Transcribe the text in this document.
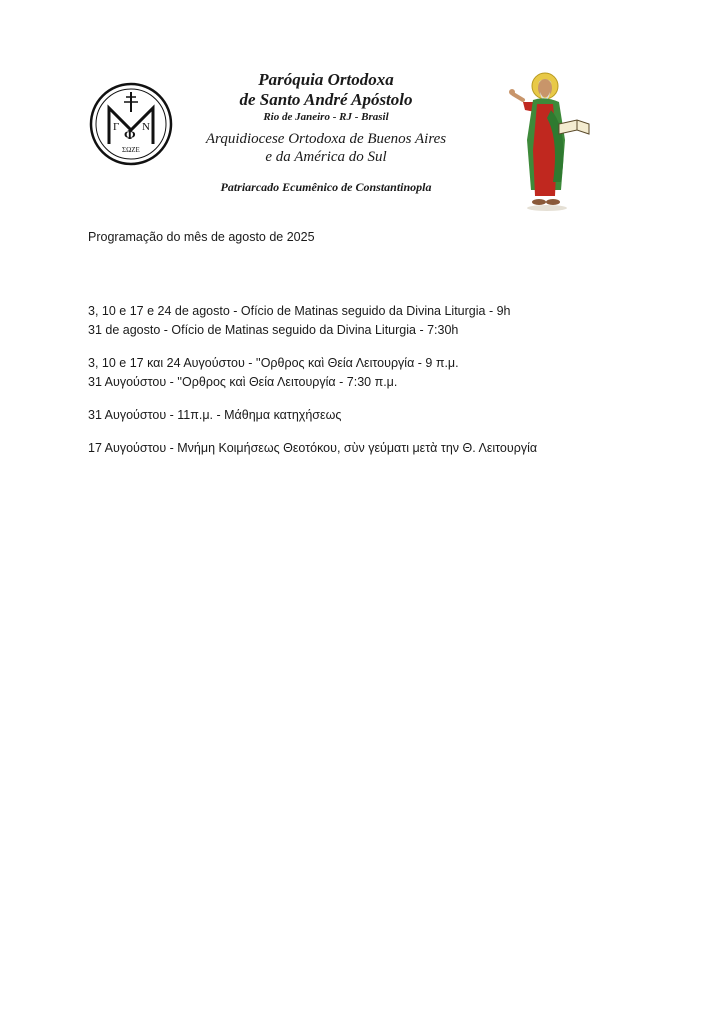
Γ
Φ
Ν
ΣΩΖΕ

Paróquia Ortodoxa

de Santo André Apóstolo

Rio de Janeiro - RJ - Brasil

Arquidiocese Ortodoxa de Buenos Aires

e da América do Sul

Patriarcado Ecumênico de Constantinopla

Programação do mês de agosto de 2025

3, 10 e 17 e 24 de agosto - Ofício de Matinas seguido da Divina Liturgia - 9h

31 de agosto - Ofício de Matinas seguido da Divina Liturgia - 7:30h

3, 10 e 17 και 24 Αυγούστου - ''Ορθρος καὶ Θεία Λειτουργία - 9 π.μ.

31 Αυγούστου - ''Ορθρος καὶ Θεία Λειτουργία - 7:30 π.μ.

31 Αυγούστου - 11π.μ. - Μάθημα κατηχήσεως

17 Αυγούστου - Μνήμη Κοιμήσεως Θεοτόκου, σὺν γεύματι μετὰ την Θ. Λειτουργία
